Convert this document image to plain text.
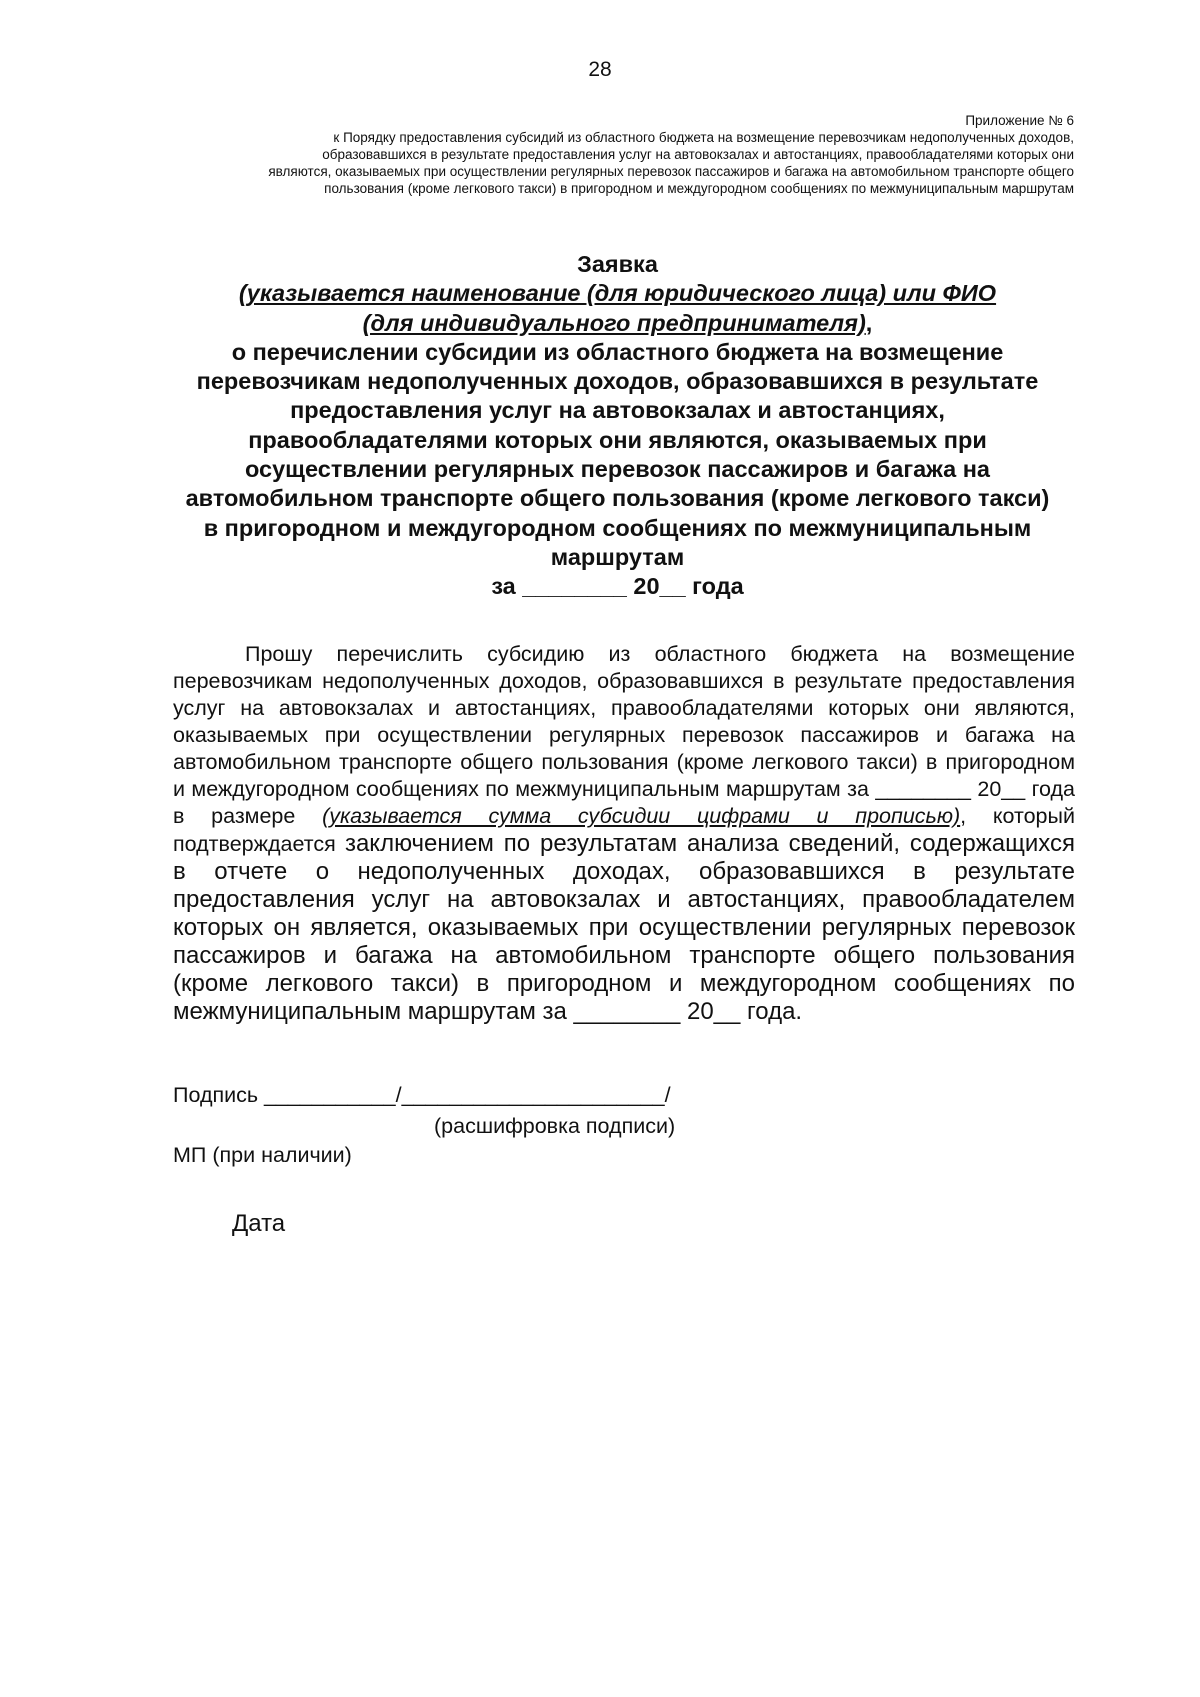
28
Приложение № 6
к Порядку предоставления субсидий из областного бюджета на возмещение перевозчикам недополученных доходов,
образовавшихся в результате предоставления услуг на автовокзалах и автостанциях, правообладателями которых они
являются, оказываемых при осуществлении регулярных перевозок пассажиров и багажа на автомобильном транспорте общего
пользования (кроме легкового такси) в пригородном и междугородном сообщениях по межмуниципальным маршрутам
Заявка
(указывается наименование (для юридического лица) или ФИО
(для индивидуального предпринимателя),
о перечислении субсидии из областного бюджета на возмещение
перевозчикам недополученных доходов, образовавшихся в результате
предоставления услуг на автовокзалах и автостанциях,
правообладателями которых они являются, оказываемых при
осуществлении регулярных перевозок пассажиров и багажа на
автомобильном транспорте общего пользования (кроме легкового такси)
в пригородном и междугородном сообщениях по межмуниципальным
маршрутам
за ________ 20__ года
Прошу перечислить субсидию из областного бюджета на возмещение перевозчикам недополученных доходов, образовавшихся в результате предоставления услуг на автовокзалах и автостанциях, правообладателями которых они являются, оказываемых при осуществлении регулярных перевозок пассажиров и багажа на автомобильном транспорте общего пользования (кроме легкового такси) в пригородном и междугородном сообщениях по межмуниципальным маршрутам за ________ 20__ года в размере (указывается сумма субсидии цифрами и прописью), который подтверждается заключением по результатам анализа сведений, содержащихся в отчете о недополученных доходах, образовавшихся в результате предоставления услуг на автовокзалах и автостанциях, правообладателем которых он является, оказываемых при осуществлении регулярных перевозок пассажиров и багажа на автомобильном транспорте общего пользования (кроме легкового такси) в пригородном и междугородном сообщениях по межмуниципальным маршрутам за ________ 20__ года.
Подпись ___________/______________________/
(расшифровка подписи)
МП (при наличии)
Дата
